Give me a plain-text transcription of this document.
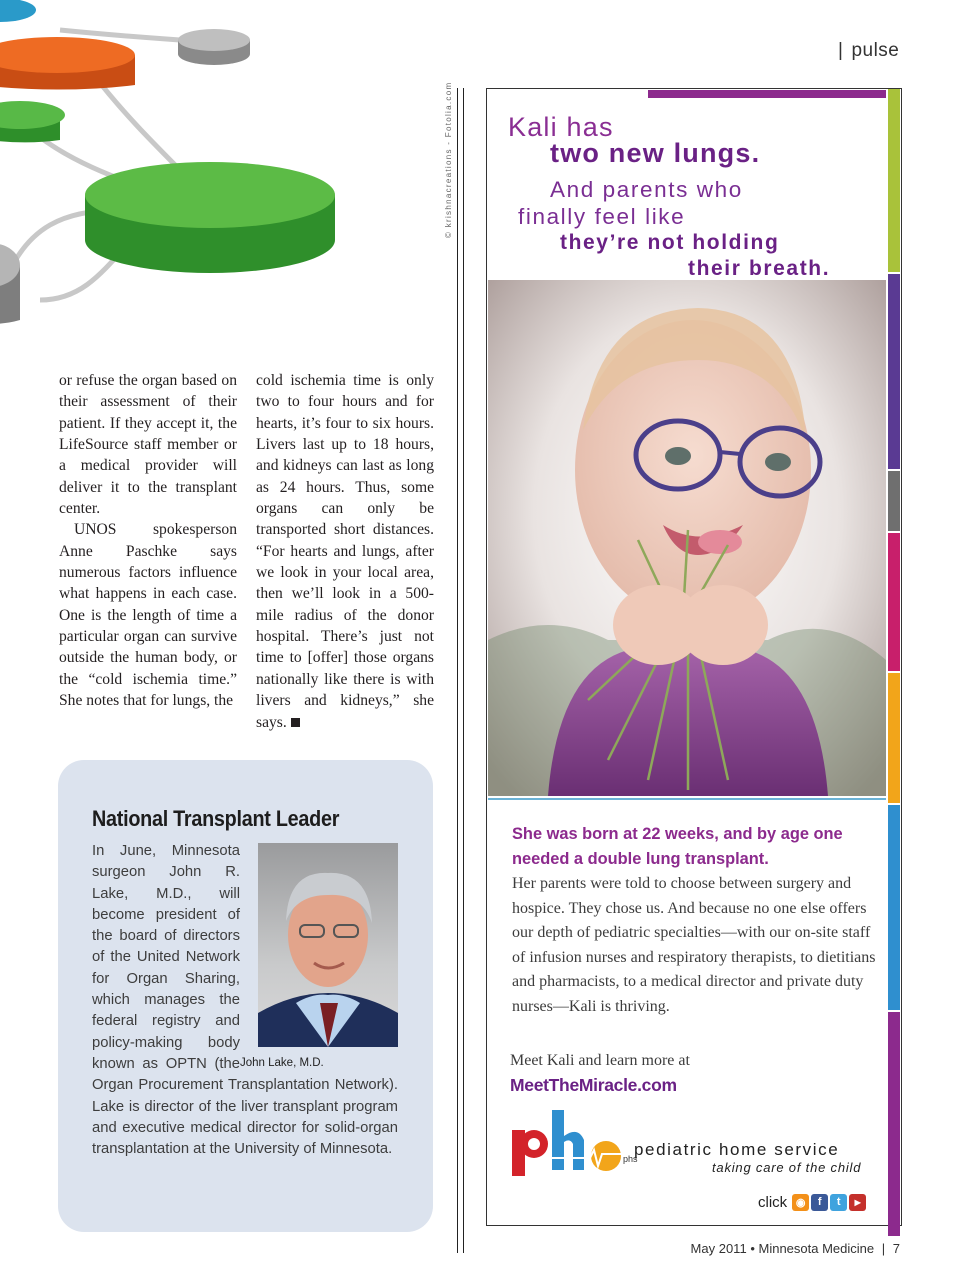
| pulse
© krishnacreations - Fotolia.com

or refuse the organ based on their assessment of their patient. If they accept it, the LifeSource staff member or a medical provider will deliver it to the transplant center.

UNOS spokesperson Anne Paschke says numerous factors influence what happens in each case. One is the length of time a particular organ can survive outside the human body, or the “cold ischemia time.” She notes that for lungs, the

cold ischemia time is only two to four hours and for hearts, it’s four to six hours. Livers last up to 18 hours, and kidneys can last as long as 24 hours. Thus, some organs can only be transported short distances. “For hearts and lungs, after we look in your local area, then we’ll look in a 500-mile radius of the donor hospital. There’s just not time to [offer] those organs nationally like there is with livers and kidneys,” she says.

National Transplant Leader
John Lake, M.D.
In June, Minnesota surgeon John R. Lake, M.D., will become president of the board of directors of the United Network for Organ Sharing, which manages the federal registry and policy-making body known as OPTN (the Organ Procurement Transplantation Network). Lake is director of the liver transplant program and executive medical director for solid-organ transplantation at the University of Minnesota.
Kali has
two new lungs.
And parents who
finally feel like
they’re not holding
their breath.
She was born at 22 weeks, and by age one needed a double lung transplant.
Her parents were told to choose between surgery and hospice. They chose us. And because no one else offers our depth of pediatric specialties—with our on-site staff of infusion nurses and respiratory therapists, to dietitians and pharmacists, to a medical director and private duty nurses—Kali is thriving.
Meet Kali and learn more at
MeetTheMiracle.com
phs
pediatric home service
taking care of the child
click ◉	f	t	▶
May 2011 • Minnesota Medicine | 7
